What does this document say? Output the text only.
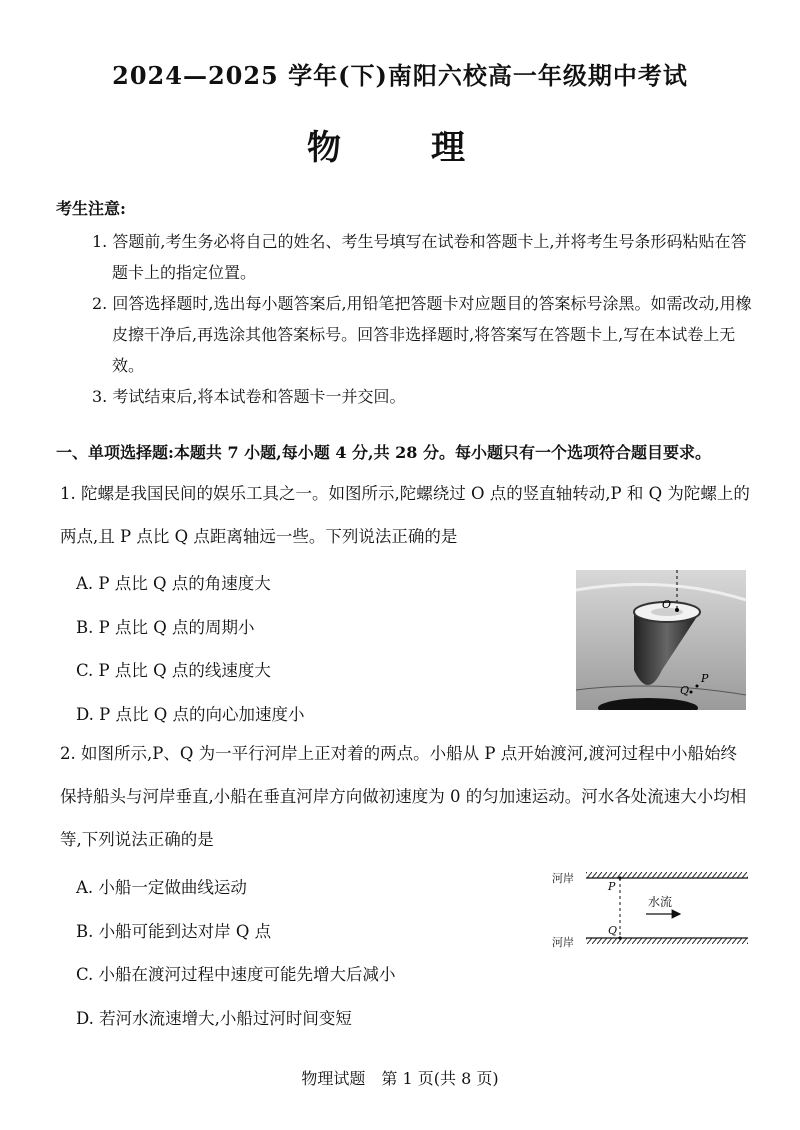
2024—2025 学年(下)南阳六校高一年级期中考试
物　理
考生注意:

1. 答题前,考生务必将自己的姓名、考生号填写在试卷和答题卡上,并将考生号条形码粘贴在答题卡上的指定位置。

2. 回答选择题时,选出每小题答案后,用铅笔把答题卡对应题目的答案标号涂黑。如需改动,用橡皮擦干净后,再选涂其他答案标号。回答非选择题时,将答案写在答题卡上,写在本试卷上无效。

3. 考试结束后,将本试卷和答题卡一并交回。

一、单项选择题:本题共 7 小题,每小题 4 分,共 28 分。每小题只有一个选项符合题目要求。

1. 陀螺是我国民间的娱乐工具之一。如图所示,陀螺绕过 O 点的竖直轴转动,P 和 Q 为陀螺上的两点,且 P 点比 Q 点距离轴远一些。下列说法正确的是

A. P 点比 Q 点的角速度大
B. P 点比 Q 点的周期小
C. P 点比 Q 点的线速度大
D. P 点比 Q 点的向心加速度小
O
P
Q

2. 如图所示,P、Q 为一平行河岸上正对着的两点。小船从 P 点开始渡河,渡河过程中小船始终保持船头与河岸垂直,小船在垂直河岸方向做初速度为 0 的匀加速运动。河水各处流速大小均相等,下列说法正确的是

A. 小船一定做曲线运动
B. 小船可能到达对岸 Q 点
C. 小船在渡河过程中速度可能先增大后减小
D. 若河水流速增大,小船过河时间变短
河岸
河岸
P
Q
水流
物理试题　第 1 页(共 8 页)
